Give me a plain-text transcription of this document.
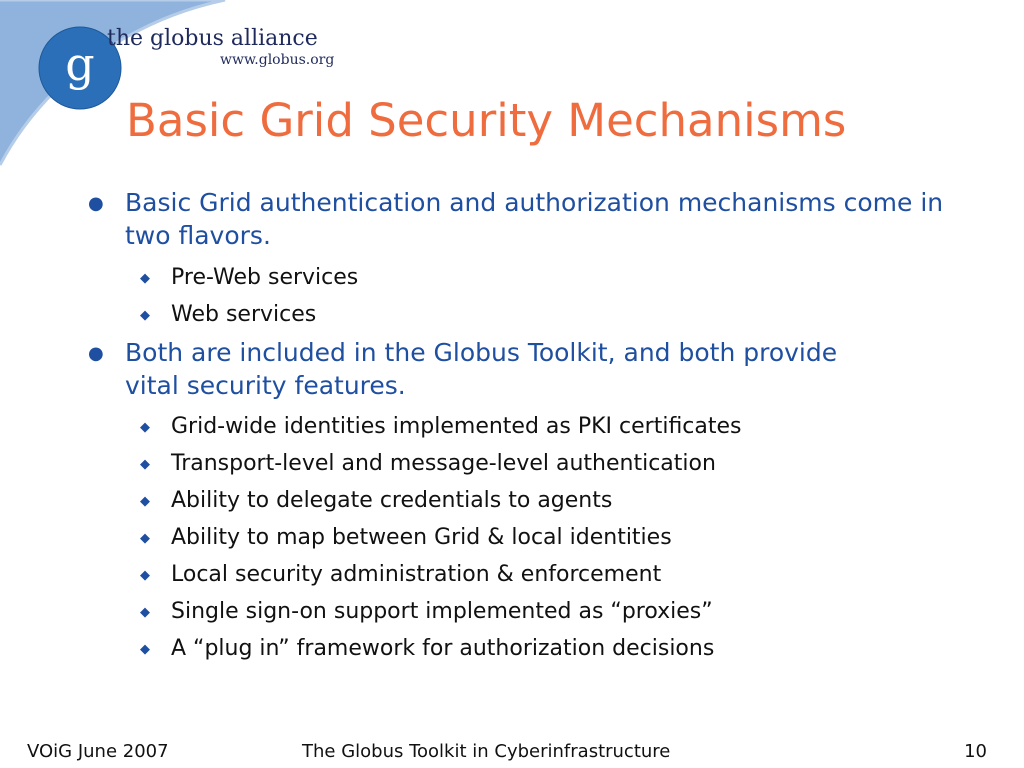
g the globus alliance
www.globus.org
Basic Grid Security Mechanisms
● Basic Grid authentication and authorization mechanisms come in two flavors.
◆ Pre-Web services
◆ Web services
● Both are included in the Globus Toolkit, and both provide vital security features.
◆ Grid-wide identities implemented as PKI certificates
◆ Transport-level and message-level authentication
◆ Ability to delegate credentials to agents
◆ Ability to map between Grid & local identities
◆ Local security administration & enforcement
◆ Single sign-on support implemented as “proxies”
◆ A “plug in” framework for authorization decisions
VOiG June 2007	The Globus Toolkit in Cyberinfrastructure	10
